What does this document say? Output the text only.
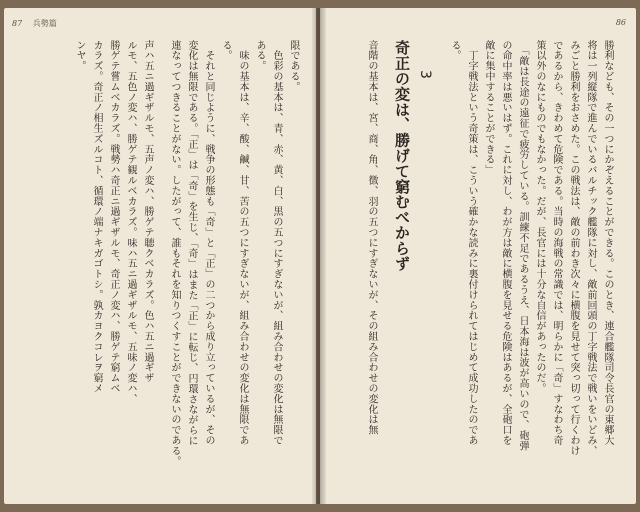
87 兵勢篇
限である。
　色彩の基本は、青、赤、黄、白、黒の五つにすぎないが、組み合わせの変化は無限で
ある。
　味の基本は、辛、酸、鹹、甘、苦の五つにすぎないが、組み合わせの変化は無限であ
る。
　それと同じように、戦争の形態も「奇」と「正」の二つから成り立っているが、その
変化は無限である。「正」は「奇」を生じ、「奇」はまた「正」に転じ、円環さながらに
連なってつきることがない。したがって、誰もそれを知りつくすことができないのである。
声ハ五ニ過ギザルモ、五声ノ変ハ、勝ゲテ聴クベカラズ。色ハ五ニ過ギザ
ルモ、五色ノ変ハ、勝ゲテ観ルベカラズ。味ハ五ニ過ギザルモ、五味ノ変ハ、
勝ゲテ嘗ムベカラズ。戦勢ハ奇正ニ過ギザルモ、奇正ノ変ハ、勝ゲテ窮ムベ
カラズ。奇正ノ相生ズルコト、循環ノ端ナキガゴトシ。孰カヨクコレヲ窮メ
ンヤ。
86
勝利なども、その一つにかぞえることができる。このとき、連合艦隊司令長官の東郷大
将は一列縦隊で進んでいるバルチック艦隊に対し、敵前回頭の丁字戦法で戦いをいどみ、
みごと勝利をおさめた。この戦法は、敵の前わき次々に横腹を見せて突っ切って行くわけ
であるから、きわめて危険である。当時の海戦の常識では、明らかに「奇」すなわち奇
策以外のなにものでもなかった。だが、長官には十分な自信があったのだ。
　「敵は長途の遠征で疲労している。訓練不足であるうえ、日本海は波が高いので、砲弾
の命中率は悪いはず。これに対し、わが方は敵に横腹を見せる危険はあるが、全砲口を
敵に集中することができる」
　丁字戦法という奇策は、こういう確かな読みに裏付けられてはじめて成功したのであ
る。
3
奇正の変は、勝げて窮むべからず
音階の基本は、宮、商、角、徴、羽の五つにすぎないが、その組み合わせの変化は無
